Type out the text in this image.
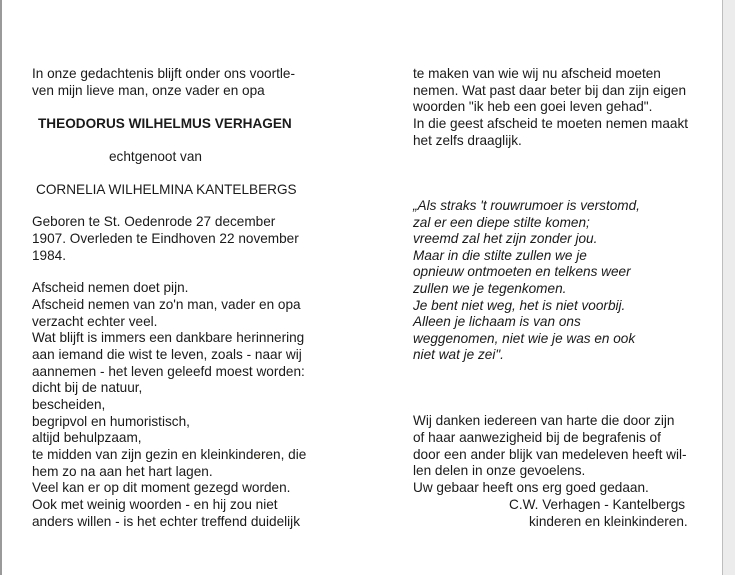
In onze gedachtenis blijft onder ons voortle-
ven mijn lieve man, onze vader en opa
THEODORUS WILHELMUS VERHAGEN
echtgenoot van
CORNELIA WILHELMINA KANTELBERGS
Geboren te St. Oedenrode 27 december
1907. Overleden te Eindhoven 22 november
1984.
Afscheid nemen doet pijn.
Afscheid nemen van zo'n man, vader en opa
verzacht echter veel.
Wat blijft is immers een dankbare herinnering
aan iemand die wist te leven, zoals - naar wij
aannemen - het leven geleefd moest worden:
dicht bij de natuur,
bescheiden,
begripvol en humoristisch,
altijd behulpzaam,
te midden van zijn gezin en kleinkinderen, die
hem zo na aan het hart lagen.
Veel kan er op dit moment gezegd worden.
Ook met weinig woorden - en hij zou niet
anders willen - is het echter treffend duidelijk
te maken van wie wij nu afscheid moeten
nemen. Wat past daar beter bij dan zijn eigen
woorden "ik heb een goei leven gehad".
In die geest afscheid te moeten nemen maakt
het zelfs draaglijk.
„Als straks 't rouwrumoer is verstomd,
zal er een diepe stilte komen;
vreemd zal het zijn zonder jou.
Maar in die stilte zullen we je
opnieuw ontmoeten en telkens weer
zullen we je tegenkomen.
Je bent niet weg, het is niet voorbij.
Alleen je lichaam is van ons
weggenomen, niet wie je was en ook
niet wat je zei".
Wij danken iedereen van harte die door zijn
of haar aanwezigheid bij de begrafenis of
door een ander blijk van medeleven heeft wil-
len delen in onze gevoelens.
Uw gebaar heeft ons erg goed gedaan.
C.W. Verhagen - Kantelbergs
kinderen en kleinkinderen.
